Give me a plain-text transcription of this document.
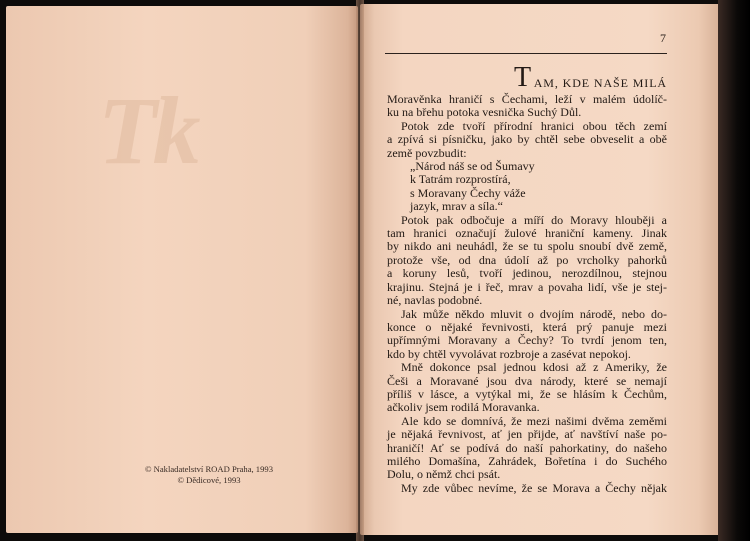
Tk
© Nakladatelství ROAD Praha, 1993
© Dědicové, 1993
7
T AM, KDE NAŠE MILÁ
Moravěnka hraničí s Čechami, leží v malém údolíč-
ku na břehu potoka vesnička Suchý Důl.
Potok zde tvoří přírodní hranici obou těch zemí
a zpívá si písničku, jako by chtěl sebe obveselit a obě
země povzbudit:
„Národ náš se od Šumavy
k Tatrám rozprostírá,
s Moravany Čechy váže
jazyk, mrav a síla.“
Potok pak odbočuje a míří do Moravy hlouběji a
tam hranici označují žulové hraniční kameny. Jinak
by nikdo ani neuhádl, že se tu spolu snoubí dvě země,
protože vše, od dna údolí až po vrcholky pahorků
a koruny lesů, tvoří jedinou, nerozdílnou, stejnou
krajinu. Stejná je i řeč, mrav a povaha lidí, vše je stej-
né, navlas podobné.
Jak může někdo mluvit o dvojím národě, nebo do-
konce o nějaké řevnivosti, která prý panuje mezi
upřímnými Moravany a Čechy? To tvrdí jenom ten,
kdo by chtěl vyvolávat rozbroje a zasévat nepokoj.
Mně dokonce psal jednou kdosi až z Ameriky, že
Češi a Moravané jsou dva národy, které se nemají
příliš v lásce, a vytýkal mi, že se hlásím k Čechům,
ačkoliv jsem rodilá Moravanka.
Ale kdo se domnívá, že mezi našimi dvěma zeměmi
je nějaká řevnivost, ať jen přijde, ať navštíví naše po-
hraničí! Ať se podívá do naší pahorkatiny, do našeho
milého Domašína, Zahrádek, Bořetína i do Suchého
Dolu, o němž chci psát.
My zde vůbec nevíme, že se Morava a Čechy nějak
